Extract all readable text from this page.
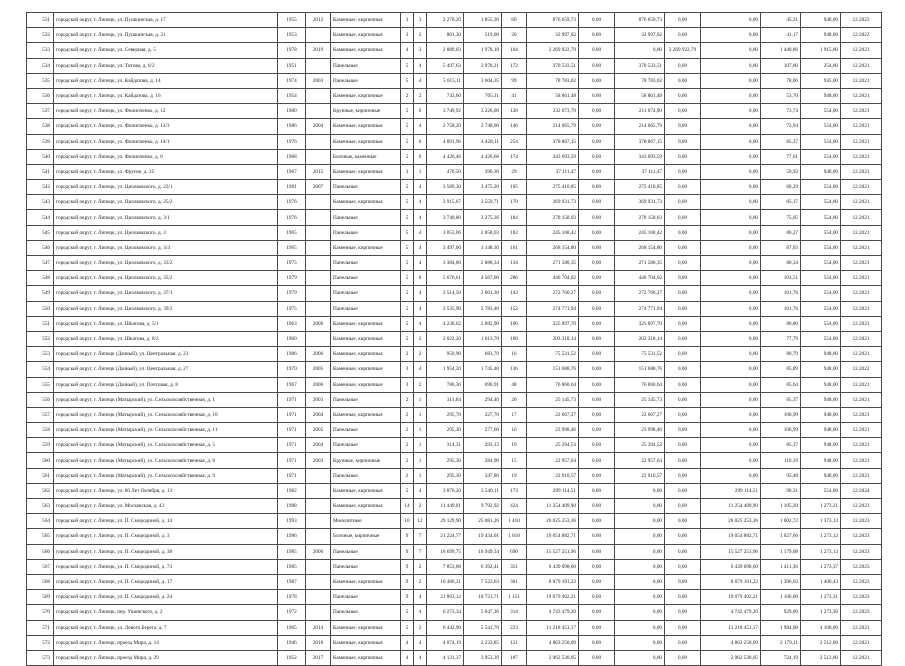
531	городской округ, г. Липецк, ул. Пушкинская, д. 17	1955	2012	Каменные, кирпичные	3	3	2 270,20	1 855,30	60	876 659,73	0,00	876 659,73	0,00	0,00	45,31	948,00	12.2022
532	городской округ, г. Липецк, ул. Пушкинская, д. 21	1953		Каменные, кирпичные	3	2	801,30	519,00	20	32 997,02	0,00	32 997,02	0,00	0,00	41,17	948,00	12.2022
533	городской округ, г. Липецк, ул. Северная, д. 5	1978	2019	Каменные, кирпичные	4	3	2 889,03	1 978,18	104	2 269 922,79	0,00	0,00	2 269 922,79	0,00	1 440,86	1 915,00	12.2023
534	городской округ, г. Липецк, ул. Титова, д. 6/2	1951		Панельные	5	4	5 497,63	2 978,21	172	370 533,51	0,00	370 533,51	0,00	0,00	107,00	254,00	12.2021
535	городской округ, г. Липецк, ул. Кайдатова, д. 14	1974	2003	Панельные	5	4	5 015,11	3 604,35	99	78 783,02	0,00	78 783,02	0,00	0,00	78,06	945,00	12.2021
536	городской округ, г. Липецк, ул. Кайдатова, д. 16	1954		Каменные, кирпичные	2	2	743,60	705,11	41	58 861,48	0,00	58 861,48	0,00	0,00	53,70	948,00	12.2021
537	городской округ, г. Липецк, ул. Филипченко, д. 12	1980		Крупные, кирпичные	5	6	3 749,92	3 226,00	128	332 073,70	0,00	211 074,90	0,00	0,00	73,74	554,00	12.2021
538	городской округ, г. Липецк, ул. Филипченко, д. 13/3	1986	2004	Каменные, кирпичные	5	4	2 758,20	2 748,00	146	214 065,79	0,00	214 065,79	0,00	0,00	73,94	554,00	12.2021
539	городской округ, г. Липецк, ул. Филипченко, д. 14/1	1976		Каменные, кирпичные	5	6	4 891,96	4 428,11	254	378 867,15	0,00	378 867,15	0,00	0,00	85,37	554,00	12.2021
540	городской округ, г. Липецк, ул. Филипченко, д. 6	1968		Блочные, каменные	5	6	4 426,46	4 426,68	174	343 693,59	0,00	343 693,59	0,00	0,00	77,61	554,00	12.2021
541	городской округ, г. Липецк, ул. Фрунзе, д. 25	1967	2015	Каменные, кирпичные	3	1	470,50	390,30	29	37 111,47	0,00	37 111,47	0,00	0,00	59,93	948,00	12.2021
542	городской округ, г. Липецк, ул. Циолковского, д. 23/1	1981	2007	Панельные	5	4	3 589,30	3 475,20	105	275 410,85	0,00	275 410,85	0,00	0,00	60,29	554,00	12.2021
543	городской округ, г. Липецк, ул. Циолковского, д. 25/2	1976		Каменные, кирпичные	5	4	3 915,67	3 559,71	170	369 931,73	0,00	369 931,73	0,00	0,00	85,37	554,00	12.2021
544	городской округ, г. Липецк, ул. Циолковского, д. 3/1	1976		Панельные	5	4	3 740,80	3 275,36	184	278 158,03	0,00	278 158,03	0,00	0,00	75,05	554,00	12.2021
545	городской округ, г. Липецк, ул. Циолковского, д. 3	1965		Панельные	5	4	3 053,06	2 858,03	182	245 168,42	0,00	245 168,42	0,00	0,00	80,27	554,00	12.2021
546	городской округ, г. Липецк, ул. Циолковского, д. 3/4	1965		Каменные, кирпичные	5	4	3 497,00	3 148,30	161	268 154,80	0,00	268 154,80	0,00	0,00	87,93	554,00	12.2021
547	городской округ, г. Липецк, ул. Циолковского, д. 33/2	1975		Панельные	5	4	3 384,80	2 888,34	134	271 580,35	0,00	271 580,35	0,00	0,00	80,34	554,00	12.2021
548	городской округ, г. Липецк, ул. Циолковского, д. 35/2	1979		Панельные	5	8	5 676,61	4 567,00	286	440 704,02	0,00	440 704,02	0,00	0,00	103,51	554,00	12.2021
549	городской округ, г. Липецк, ул. Циолковского, д. 37/1	1979		Панельные	5	4	3 514,50	2 601,30	143	272 760,27	0,00	272 760,27	0,00	0,00	101,76	554,00	12.2021
550	городской округ, г. Липецк, ул. Циолковского, д. 39/2	1975		Панельные	5	4	3 535,90	2 783,40	152	274 771,94	0,00	274 771,94	0,00	0,00	101,76	554,00	12.2021
551	городской округ, г. Липецк, ул. Шкатова, д. 5/1	1963	2006	Каменные, кирпичные	5	4	4 230,62	2 882,90	106	325 897,70	0,00	325 897,70	0,00	0,00	80,80	554,00	12.2021
552	городской округ, г. Липецк, ул. Шкатова, д. 8/2	1960		Каменные, кирпичные	5	2	2 022,20	1 613,70	108	203 318,14	0,00	203 318,14	0,00	0,00	77,79	554,00	12.2021
553	городской округ, г. Липецк (Дачный), ул. Центральная, д. 23	1986	2006	Каменные, кирпичные	2	2	950,90	683,70	16	75 531,52	0,00	75 531,52	0,00	0,00	80,79	948,00	12.2021
554	городской округ, г. Липецк (Дачный), ул. Центральная, д. 27	1970	2005	Каменные, кирпичные	3	4	1 954,20	1 745,40	136	151 688,76	0,00	151 688,76	0,00	0,00	85,89	948,00	12.2022
555	городской округ, г. Липецк (Дачный), ул. Почтовая, д. 8	1967	2006	Каменные, кирпичные	3	2	786,30	696,91	48	76 860,64	0,00	76 860,64	0,00	0,00	85,64	948,00	12.2021
556	городской округ, г. Липецк (Матырский), ул. Сельскохозяйственная, д. 1	1971	2003	Панельные	2	1	313,84	294,40	20	25 145,73	0,00	25 145,73	0,00	0,00	85,37	948,00	12.2021
557	городской округ, г. Липецк (Матырский), ул. Сельскохозяйственная, д. 10	1971	2004	Каменные, кирпичные	2	1	295,70	227,70	17	22 667,27	0,00	22 667,27	0,00	0,00	100,99	948,00	12.2021
558	городской округ, г. Липецк (Матырский), ул. Сельскохозяйственная, д. 11	1971	2005	Панельные	2	1	295,30	277,60	16	23 998,46	0,00	23 998,46	0,00	0,00	100,99	948,00	12.2021
559	городской округ, г. Липецк (Матырский), ул. Сельскохозяйственная, д. 5	1971	2004	Панельные	2	1	314,31	293,13	19	25 394,53	0,00	25 394,53	0,00	0,00	85,37	948,00	12.2021
560	городской округ, г. Липецк (Матырский), ул. Сельскохозяйственная, д. 8	1971	2003	Крупные, кирпичные	2	1	295,30	284,90	15	22 957,64	0,00	22 957,64	0,00	0,00	110,19	948,00	12.2021
561	городской округ, г. Липецк (Матырский), ул. Сельскохозяйственная, д. 9	1971		Панельные	2	1	295,30	347,80	19	22 910,57	0,00	22 910,57	0,00	0,00	95,48	948,00	12.2021
562	городской округ, г. Липецк, ул. 60 Лет Октября, д. 13	1982		Каменные, кирпичные	5	4	3 876,20	3 540,11	173	299 114,51	0,00	0,00	0,00	299 114,51	90,31	554,00	12.2024
563	городской округ, г. Липецк, ул. Московская, д. 43	1988		Каменные, кирпичные	14	2	11 449,01	9 792,92	424	11 254 409,90	0,00	0,00	0,00	11 254 409,90	1 105,20	1 273,21	12.2023
564	городской округ, г. Липецк, ул. П. Смородиной, д. 14	1993		Монолитные	10	12	29 129,90	25 081,26	1 410	26 025 253,36	0,00	0,00	0,00	26 025 253,36	1 002,72	1 373,13	12.2023
565	городской округ, г. Липецк, ул. П. Смородиной, д. 3	1986		Блочные, кирпичные	9	7	21 224,77	19 434,01	1 018	19 054 882,71	0,00	0,00	0,00	19 054 882,71	1 027,66	1 273,12	12.2023
566	городской округ, г. Липецк, ул. П. Смородиной, д. 38	1985	2006	Панельные	9	7	16 699,75	16 949,34	690	15 527 251,96	0,00	0,00	0,00	15 527 251,96	1 179,08	1 273,13	12.2023
567	городской округ, г. Липецк, ул. П. Смородиной, д. 73	1985		Панельные	9	2	7 853,88	6 392,41	351	6 439 098,60	0,00	0,00	0,00	6 439 098,60	1 411,36	1 273,37	12.2023
568	городской округ, г. Липецк, ул. П. Смородиной, д. 17	1987		Каменные, кирпичные	9	2	10 480,31	7 523,63	301	8 879 101,22	0,00	0,00	0,00	8 879 101,22	1 396,03	1 400,43	12.2023
569	городской округ, г. Липецк, ул. П. Смородиной, д. 24	1978		Панельные	9	4	21 863,12	18 721,71	1 151	19 079 402,21	0,00	0,00	0,00	19 079 402,21	1 106,60	1 273,31	12.2023
570	городской округ, г. Липецк, пер. Ушинского, д. 2	1972		Панельные	5	4	6 273,34	5 047,36	314	4 743 479,20	0,00	0,00	0,00	4 743 479,20	929,00	1 273,30	12.2023
571	городской округ, г. Липецк, ул. Левого Берега, д. 7	1965	2014	Каменные, кирпичные	5	2	6 442,90	5 541,70	223	11 218 451,17	0,00	0,00	0,00	11 218 451,17	1 984,08	4 100,00	12.2021
572	городской округ, г. Липецк, проезд Мира, д. 14	1946	2016	Каменные, кирпичные	4	4	4 074,19	2 233,85	121	4 863 250,09	0,00	0,00	0,00	4 863 250,09	2 179,11	2 512,00	12.2021
573	городской округ, г. Липецк, проезд Мира, д. 29	1952	2017	Каменные, кирпичные	4	4	4 131,37	3 953,39	187	2 962 530,05	0,00	0,00	0,00	2 962 530,05	724,19	2 512,00	12.2021
